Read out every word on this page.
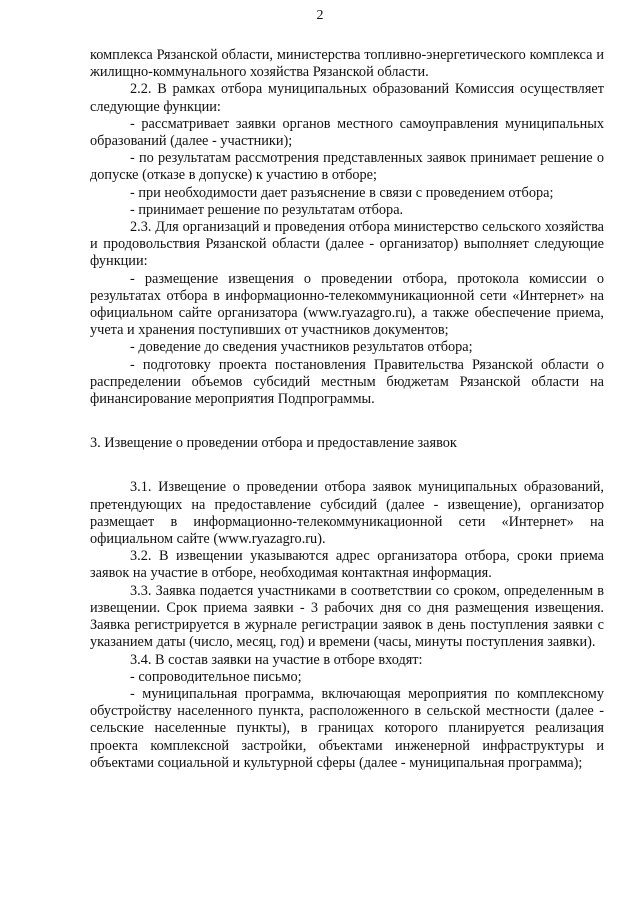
2

комплекса Рязанской области, министерства топливно-энергетического комплекса и жилищно-коммунального хозяйства Рязанской области.

2.2. В рамках отбора муниципальных образований Комиссия осуществляет следующие функции:

- рассматривает заявки органов местного самоуправления муниципальных образований (далее - участники);

- по результатам рассмотрения представленных заявок принимает решение о допуске (отказе в допуске) к участию в отборе;

- при необходимости дает разъяснение в связи с проведением отбора;

- принимает решение по результатам отбора.

2.3. Для организаций и проведения отбора министерство сельского хозяйства и продовольствия Рязанской области (далее - организатор) выполняет следующие функции:

- размещение извещения о проведении отбора, протокола комиссии о результатах отбора в информационно-телекоммуникационной сети «Интернет» на официальном сайте организатора (www.ryazagro.ru), а также обеспечение приема, учета и хранения поступивших от участников документов;

- доведение до сведения участников результатов отбора;

- подготовку проекта постановления Правительства Рязанской области о распределении объемов субсидий местным бюджетам Рязанской области на финансирование мероприятия Подпрограммы.

3. Извещение о проведении отбора и предоставление заявок

3.1. Извещение о проведении отбора заявок муниципальных образований, претендующих на предоставление субсидий (далее - извещение), организатор размещает в информационно-телекоммуникационной сети «Интернет» на официальном сайте (www.ryazagro.ru).

3.2. В извещении указываются адрес организатора отбора, сроки приема заявок на участие в отборе, необходимая контактная информация.

3.3. Заявка подается участниками в соответствии со сроком, определенным в извещении. Срок приема заявки - 3 рабочих дня со дня размещения извещения. Заявка регистрируется в журнале регистрации заявок в день поступления заявки с указанием даты (число, месяц, год) и времени (часы, минуты поступления заявки).

3.4. В состав заявки на участие в отборе входят:

- сопроводительное письмо;

- муниципальная программа, включающая мероприятия по комплексному обустройству населенного пункта, расположенного в сельской местности (далее - сельские населенные пункты), в границах которого планируется реализация проекта комплексной застройки, объектами инженерной инфраструктуры и объектами социальной и культурной сферы (далее - муниципальная программа);
